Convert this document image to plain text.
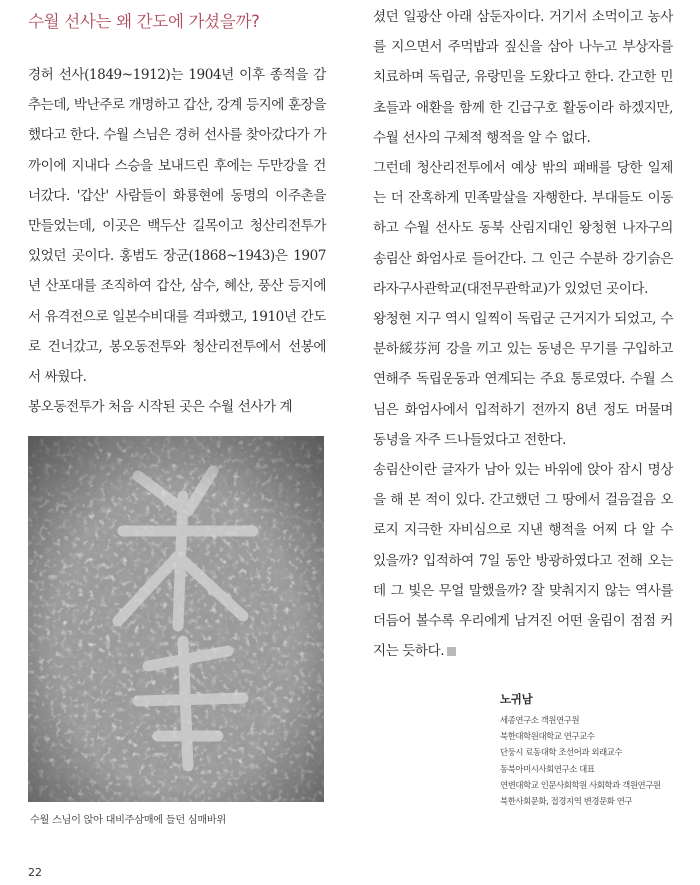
수월 선사는 왜 간도에 가셨을까?

경허 선사(1849~1912)는 1904년 이후 종적을 감추는데, 박난주로 개명하고 갑산, 강계 등지에 훈장을 했다고 한다. 수월 스님은 경허 선사를 찾아갔다가 가까이에 지내다 스승을 보내드린 후에는 두만강을 건너갔다. '갑산' 사람들이 화룡현에 동명의 이주촌을 만들었는데, 이곳은 백두산 길목이고 청산리전투가 있었던 곳이다. 홍범도 장군(1868~1943)은 1907년 산포대를 조직하여 갑산, 삼수, 혜산, 풍산 등지에서 유격전으로 일본수비대를 격파했고, 1910년 간도로 건너갔고, 봉오동전투와 청산리전투에서 선봉에서 싸웠다.

봉오동전투가 처음 시작된 곳은 수월 선사가 계

수월 스님이 앉아 대비주삼매에 들던 심매바위

셨던 일광산 아래 삼둔자이다. 거기서 소먹이고 농사를 지으면서 주먹밥과 짚신을 삼아 나누고 부상자를 치료하며 독립군, 유랑민을 도왔다고 한다. 간고한 민초들과 애환을 함께 한 긴급구호 활동이라 하겠지만, 수월 선사의 구체적 행적을 알 수 없다.

그런데 청산리전투에서 예상 밖의 패배를 당한 일제는 더 잔혹하게 민족말살을 자행한다. 부대들도 이동하고 수월 선사도 동북 산림지대인 왕청현 나자구의 송림산 화엄사로 들어간다. 그 인근 수분하 강기슭은 라자구사관학교(대전무관학교)가 있었던 곳이다.

왕청현 지구 역시 일찍이 독립군 근거지가 되었고, 수분하綏芬河 강을 끼고 있는 동녕은 무기를 구입하고 연해주 독립운동과 연계되는 주요 통로였다. 수월 스님은 화엄사에서 입적하기 전까지 8년 정도 머물며 동녕을 자주 드나들었다고 전한다.

송림산이란 글자가 남아 있는 바위에 앉아 잠시 명상을 해 본 적이 있다. 간고했던 그 땅에서 걸음걸음 오로지 지극한 자비심으로 지낸 행적을 어찌 다 알 수 있을까? 입적하여 7일 동안 방광하였다고 전해 오는데 그 빛은 무얼 말했을까? 잘 맞춰지지 않는 역사를 더듬어 볼수록 우리에게 남겨진 어떤 울림이 점점 커지는 듯하다.

노귀남

세종연구소 객원연구원

북한대학원대학교 연구교수

단둥시 료동대학 조선어과 외래교수

동북아미시사회연구소 대표

연변대학교 인문사회학원 사회학과 객원연구원

북한사회문화, 접경지역 변경문화 연구

22
